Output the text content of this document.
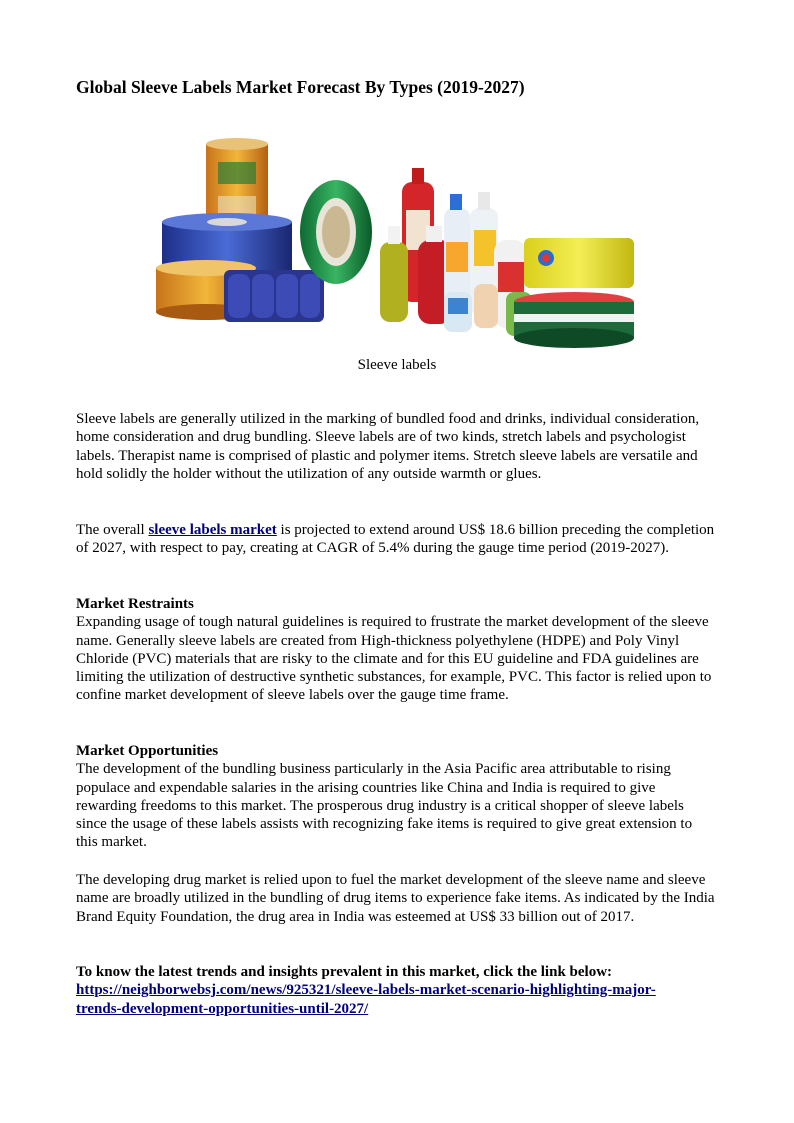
Global Sleeve Labels Market Forecast By Types (2019-2027)
Sleeve labels

Sleeve labels are generally utilized in the marking of bundled food and drinks, individual consideration, home consideration and drug bundling. Sleeve labels are of two kinds, stretch labels and psychologist labels. Therapist name is comprised of plastic and polymer items. Stretch sleeve labels are versatile and hold solidly the holder without the utilization of any outside warmth or glues.

The overall sleeve labels market is projected to extend around US$ 18.6 billion preceding the completion of 2027, with respect to pay, creating at CAGR of 5.4% during the gauge time period (2019-2027).

Market Restraints
Expanding usage of tough natural guidelines is required to frustrate the market development of the sleeve name. Generally sleeve labels are created from High-thickness polyethylene (HDPE) and Poly Vinyl Chloride (PVC) materials that are risky to the climate and for this EU guideline and FDA guidelines are limiting the utilization of destructive synthetic substances, for example, PVC. This factor is relied upon to confine market development of sleeve labels over the gauge time frame.

Market Opportunities
The development of the bundling business particularly in the Asia Pacific area attributable to rising populace and expendable salaries in the arising countries like China and India is required to give rewarding freedoms to this market. The prosperous drug industry is a critical shopper of sleeve labels since the usage of these labels assists with recognizing fake items is required to give great extension to this market.

The developing drug market is relied upon to fuel the market development of the sleeve name and sleeve name are broadly utilized in the bundling of drug items to experience fake items. As indicated by the India Brand Equity Foundation, the drug area in India was esteemed at US$ 33 billion out of 2017.

To know the latest trends and insights prevalent in this market, click the link below:
https://neighborwebsj.com/news/925321/sleeve-labels-market-scenario-highlighting-major-
trends-development-opportunities-until-2027/
